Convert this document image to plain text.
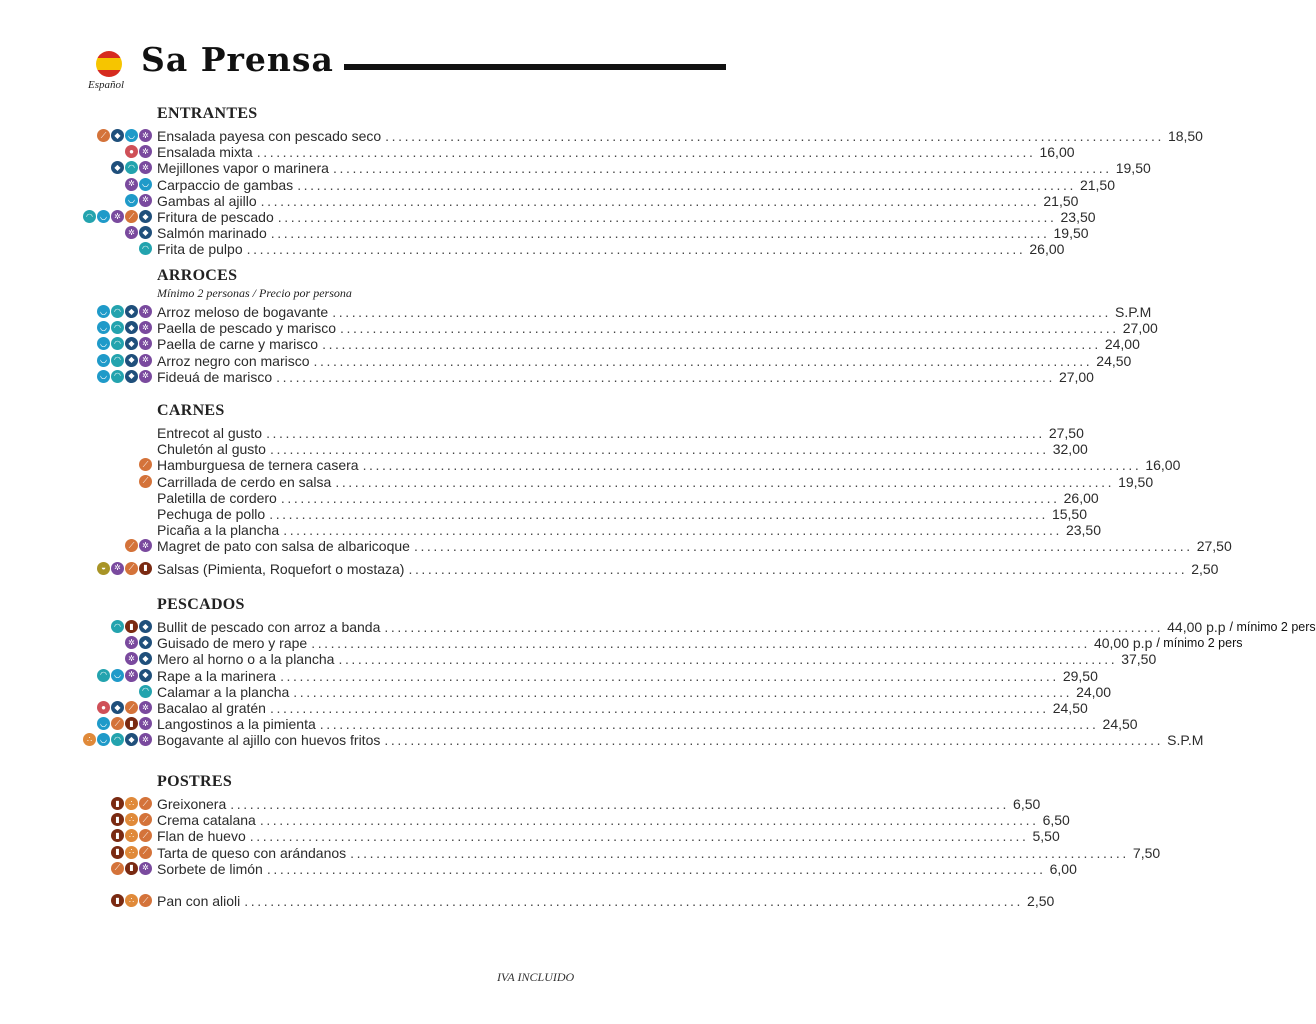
Español
Sa Prensa
ENTRANTES
⟋	◆ ◡ ✲ Ensalada payesa con pescado seco ........................................................................................................................ 18,50
●	✲ Ensalada mixta ........................................................................................................................ 16,00
◆ ◠ ✲ Mejillones vapor o marinera ........................................................................................................................ 19,50
✲ ◡ Carpaccio de gambas ........................................................................................................................ 21,50
◡ ✲ Gambas al ajillo ........................................................................................................................ 21,50
◠ ◡ ✲ ⟋	◆ Fritura de pescado ........................................................................................................................ 23,50
✲ ◆ Salmón marinado ........................................................................................................................ 19,50
◠ Frita de pulpo ........................................................................................................................ 26,00
ARROCES
Mínimo 2 personas / Precio por persona
◡ ◠ ◆ ✲ Arroz meloso de bogavante ........................................................................................................................ S.P.M
◡ ◠ ◆ ✲ Paella de pescado y marisco ........................................................................................................................ 27,00
◡ ◠ ◆ ✲ Paella de carne y marisco ........................................................................................................................ 24,00
◡ ◠ ◆ ✲ Arroz negro con marisco ........................................................................................................................ 24,50
◡ ◠ ◆ ✲ Fideuá de marisco ........................................................................................................................ 27,00
CARNES
Entrecot al gusto ........................................................................................................................ 27,50
Chuletón al gusto ........................................................................................................................ 32,00
⟋ Hamburguesa de ternera casera ........................................................................................................................ 16,00
⟋ Carrillada de cerdo en salsa ........................................................................................................................ 19,50
Paletilla de cordero ........................................................................................................................ 26,00
Pechuga de pollo ........................................................................................................................ 15,50
Picaña a la plancha ........................................................................................................................ 23,50
⟋ ✲ Magret de pato con salsa de albaricoque ........................................................................................................................ 27,50
◒	✲ ⟋	▮ Salsas (Pimienta, Roquefort o mostaza) ........................................................................................................................ 2,50
PESCADOS
◠	▮	◆ Bullit de pescado con arroz a banda ........................................................................................................................ 44,00 p.p / mínimo 2 pers
✲ ◆ Guisado de mero y rape ........................................................................................................................ 40,00 p.p / mínimo 2 pers
✲ ◆ Mero al horno o a la plancha ........................................................................................................................ 37,50
◠ ◡ ✲ ◆ Rape a la marinera ........................................................................................................................ 29,50
◠ Calamar a la plancha ........................................................................................................................ 24,00
●	◆	⟋ ✲ Bacalao al gratén ........................................................................................................................ 24,50
◡ ⟋	▮	✲ Langostinos a la pimienta ........................................................................................................................ 24,50
∴ ◡ ◠ ◆ ✲ Bogavante al ajillo con huevos fritos ........................................................................................................................ S.P.M
POSTRES
▮	∴	⟋ Greixonera ........................................................................................................................ 6,50
▮	∴	⟋ Crema catalana ........................................................................................................................ 6,50
▮	∴	⟋ Flan de huevo ........................................................................................................................ 5,50
▮	∴	⟋ Tarta de queso con arándanos ........................................................................................................................ 7,50
⟋	▮	✲ Sorbete de limón ........................................................................................................................ 6,00
▮	∴	⟋ Pan con alioli ........................................................................................................................ 2,50
IVA INCLUIDO
